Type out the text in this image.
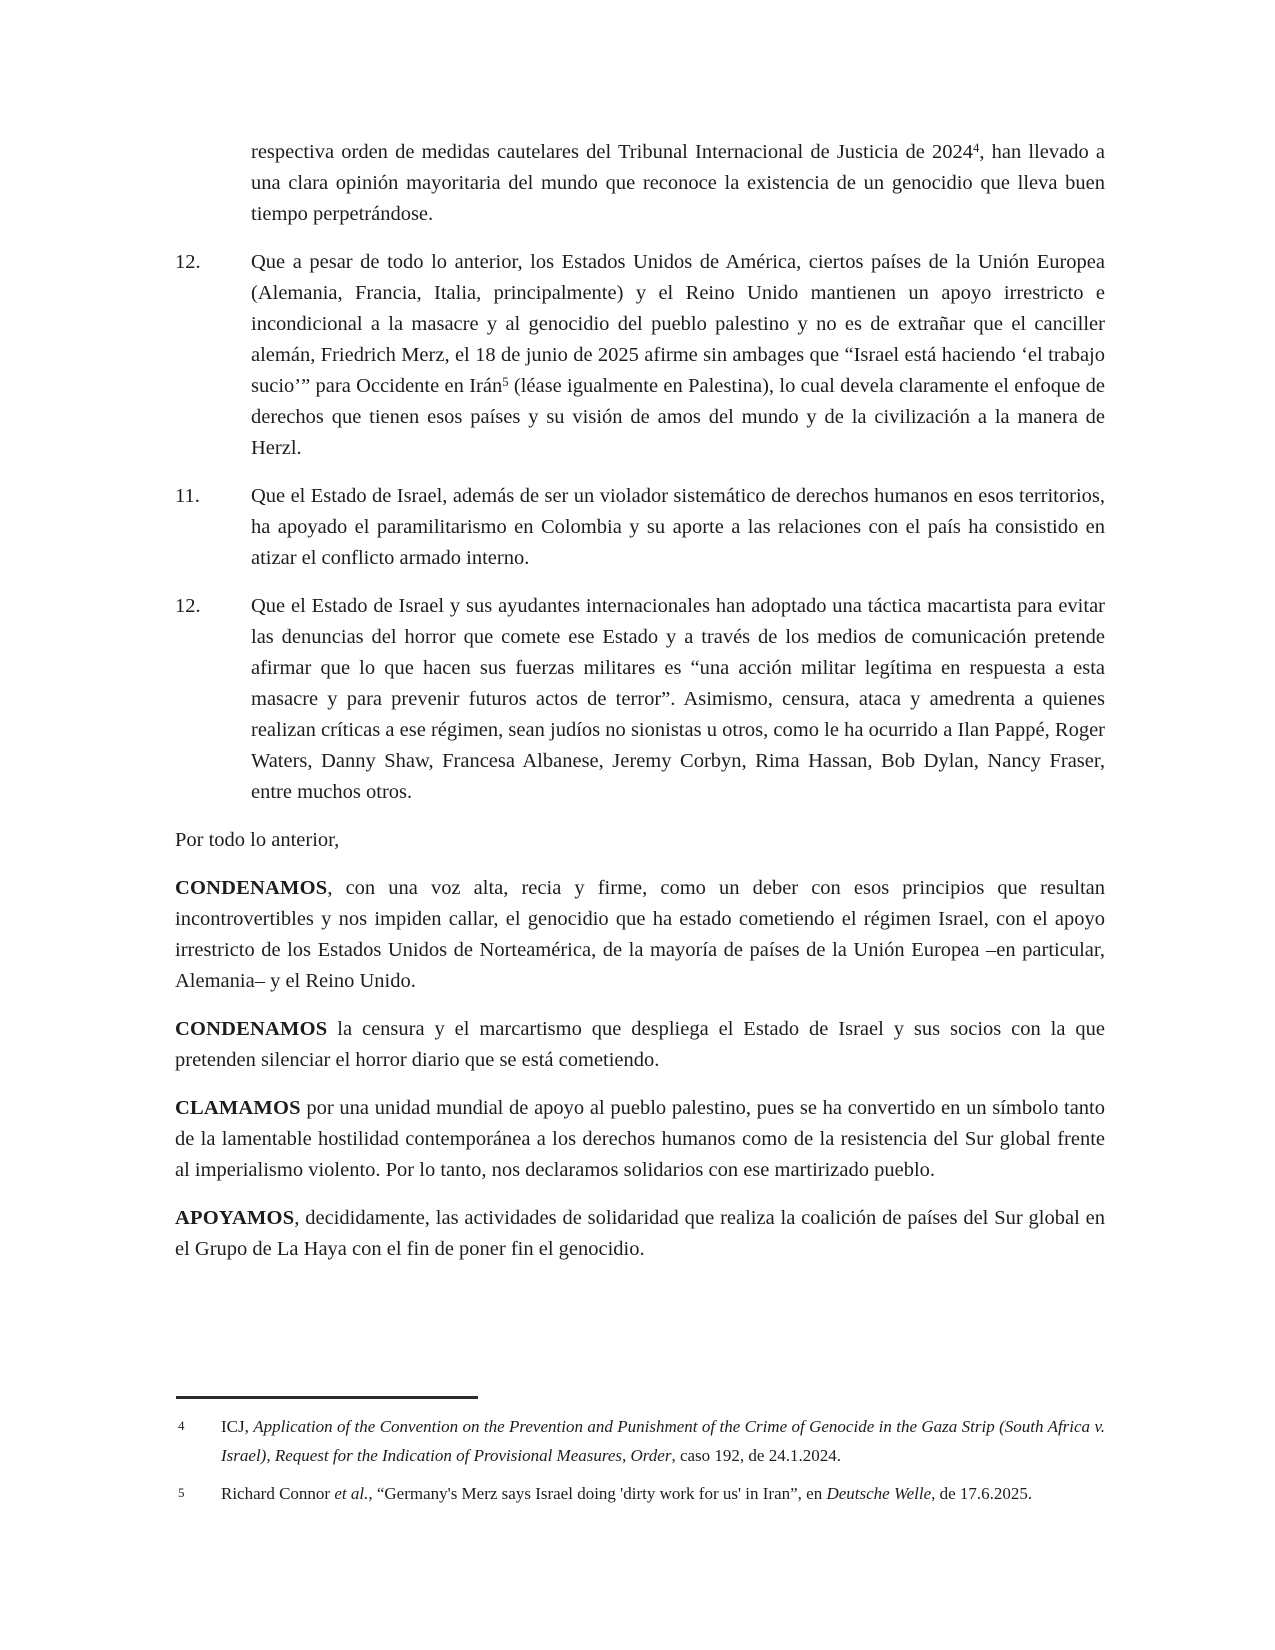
respectiva orden de medidas cautelares del Tribunal Internacional de Justicia de 2024$^4$, han llevado a una clara opinión mayoritaria del mundo que reconoce la existencia de un genocidio que lleva buen tiempo perpetrándose.

12. Que a pesar de todo lo anterior, los Estados Unidos de América, ciertos países de la Unión Europea (Alemania, Francia, Italia, principalmente) y el Reino Unido mantienen un apoyo irrestricto e incondicional a la masacre y al genocidio del pueblo palestino y no es de extrañar que el canciller alemán, Friedrich Merz, el 18 de junio de 2025 afirme sin ambages que “Israel está haciendo ‘el trabajo sucio’” para Occidente en Irán$^5$ (léase igualmente en Palestina), lo cual devela claramente el enfoque de derechos que tienen esos países y su visión de amos del mundo y de la civilización a la manera de Herzl.

11. Que el Estado de Israel, además de ser un violador sistemático de derechos humanos en esos territorios, ha apoyado el paramilitarismo en Colombia y su aporte a las relaciones con el país ha consistido en atizar el conflicto armado interno.

12. Que el Estado de Israel y sus ayudantes internacionales han adoptado una táctica macartista para evitar las denuncias del horror que comete ese Estado y a través de los medios de comunicación pretende afirmar que lo que hacen sus fuerzas militares es “una acción militar legítima en respuesta a esta masacre y para prevenir futuros actos de terror”. Asimismo, censura, ataca y amedrenta a quienes realizan críticas a ese régimen, sean judíos no sionistas u otros, como le ha ocurrido a Ilan Pappé, Roger Waters, Danny Shaw, Francesa Albanese, Jeremy Corbyn, Rima Hassan, Bob Dylan, Nancy Fraser, entre muchos otros.

Por todo lo anterior,

CONDENAMOS, con una voz alta, recia y firme, como un deber con esos principios que resultan incontrovertibles y nos impiden callar, el genocidio que ha estado cometiendo el régimen Israel, con el apoyo irrestricto de los Estados Unidos de Norteamérica, de la mayoría de países de la Unión Europea –en particular, Alemania– y el Reino Unido.

CONDENAMOS la censura y el marcartismo que despliega el Estado de Israel y sus socios con la que pretenden silenciar el horror diario que se está cometiendo.

CLAMAMOS por una unidad mundial de apoyo al pueblo palestino, pues se ha convertido en un símbolo tanto de la lamentable hostilidad contemporánea a los derechos humanos como de la resistencia del Sur global frente al imperialismo violento. Por lo tanto, nos declaramos solidarios con ese martirizado pueblo.

APOYAMOS, decididamente, las actividades de solidaridad que realiza la coalición de países del Sur global en el Grupo de La Haya con el fin de poner fin el genocidio.

4 ICJ, Application of the Convention on the Prevention and Punishment of the Crime of Genocide in the Gaza Strip (South Africa v. Israel), Request for the Indication of Provisional Measures, Order, caso 192, de 24.1.2024.

5 Richard Connor et al., “Germany's Merz says Israel doing 'dirty work for us' in Iran”, en Deutsche Welle, de 17.6.2025.
